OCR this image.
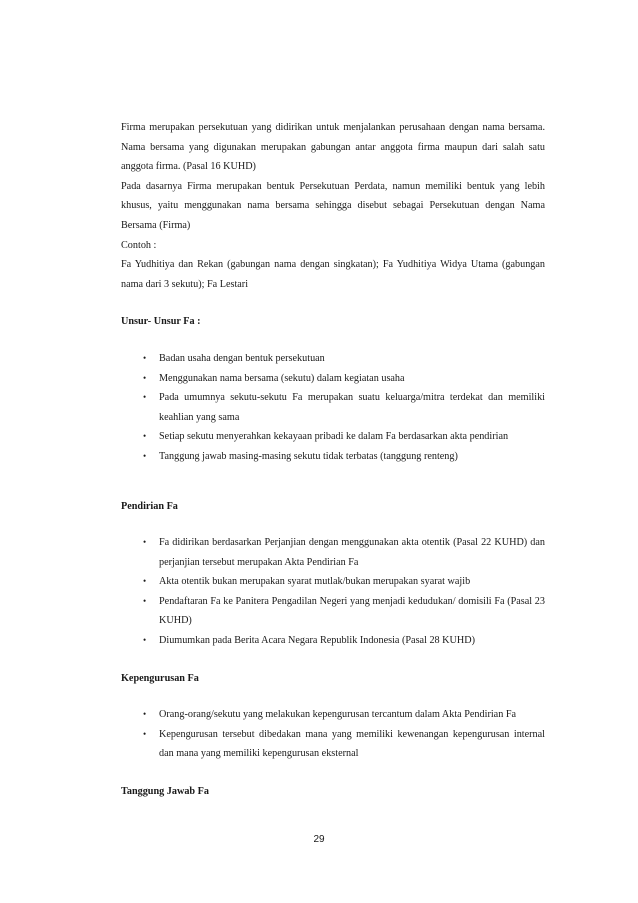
Firma merupakan persekutuan yang didirikan untuk menjalankan perusahaan dengan nama bersama. Nama bersama yang digunakan merupakan gabungan antar anggota firma maupun dari salah satu anggota firma. (Pasal 16 KUHD)

Pada dasarnya Firma merupakan bentuk Persekutuan Perdata, namun memiliki bentuk yang lebih khusus, yaitu menggunakan nama bersama sehingga disebut sebagai Persekutuan dengan Nama Bersama (Firma)

Contoh :

Fa Yudhitiya dan Rekan (gabungan nama dengan singkatan); Fa Yudhitiya Widya Utama (gabungan nama dari 3 sekutu); Fa Lestari

Unsur- Unsur Fa :

• Badan usaha dengan bentuk persekutuan
• Menggunakan nama bersama (sekutu) dalam kegiatan usaha
• Pada umumnya sekutu-sekutu Fa merupakan suatu keluarga/mitra terdekat dan memiliki keahlian yang sama
• Setiap sekutu menyerahkan kekayaan pribadi ke dalam Fa berdasarkan akta pendirian
• Tanggung jawab masing-masing sekutu tidak terbatas (tanggung renteng)

Pendirian Fa

• Fa didirikan berdasarkan Perjanjian dengan menggunakan akta otentik (Pasal 22 KUHD) dan perjanjian tersebut merupakan Akta Pendirian Fa
• Akta otentik bukan merupakan syarat mutlak/bukan merupakan syarat wajib
• Pendaftaran Fa ke Panitera Pengadilan Negeri yang menjadi kedudukan/ domisili Fa (Pasal 23 KUHD)
• Diumumkan pada Berita Acara Negara Republik Indonesia (Pasal 28 KUHD)

Kepengurusan Fa

• Orang-orang/sekutu yang melakukan kepengurusan tercantum dalam Akta Pendirian Fa
• Kepengurusan tersebut dibedakan mana yang memiliki kewenangan kepengurusan internal dan mana yang memiliki kepengurusan eksternal

Tanggung Jawab Fa

29
